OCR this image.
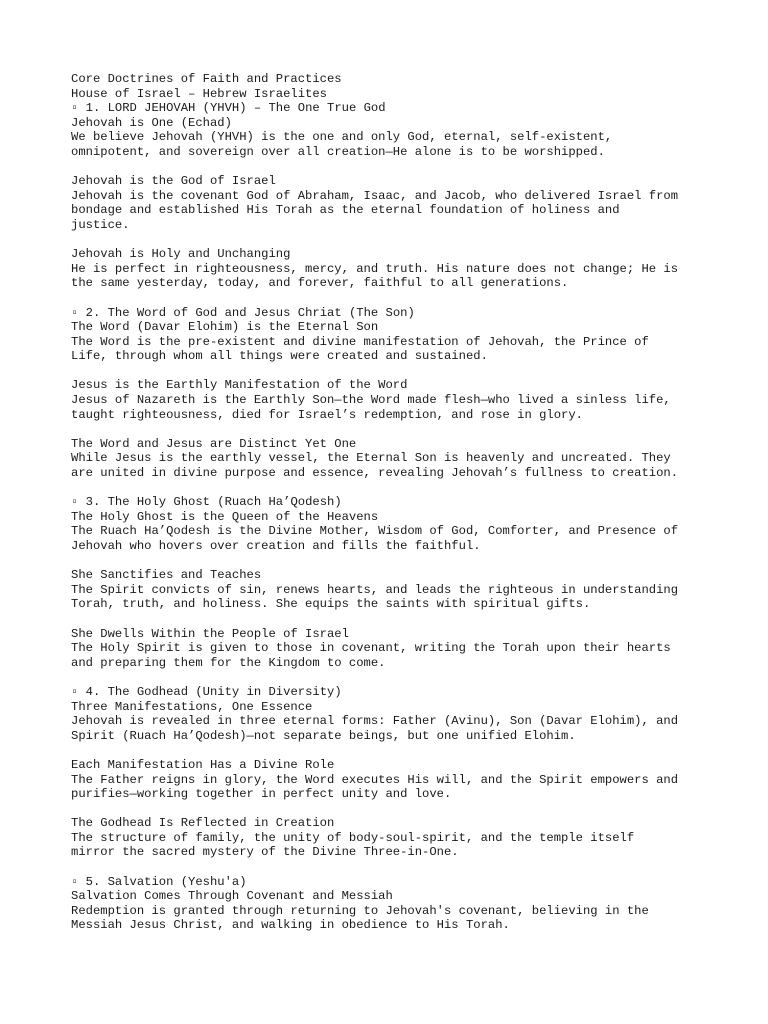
Core Doctrines of Faith and Practices
House of Israel – Hebrew Israelites
▫ 1. LORD JEHOVAH (YHVH) – The One True God
Jehovah is One (Echad)
We believe Jehovah (YHVH) is the one and only God, eternal, self-existent,
omnipotent, and sovereign over all creation—He alone is to be worshipped.
Jehovah is the God of Israel
Jehovah is the covenant God of Abraham, Isaac, and Jacob, who delivered Israel from
bondage and established His Torah as the eternal foundation of holiness and
justice.
Jehovah is Holy and Unchanging
He is perfect in righteousness, mercy, and truth. His nature does not change; He is
the same yesterday, today, and forever, faithful to all generations.
▫ 2. The Word of God and Jesus Chriat (The Son)
The Word (Davar Elohim) is the Eternal Son
The Word is the pre-existent and divine manifestation of Jehovah, the Prince of
Life, through whom all things were created and sustained.
Jesus is the Earthly Manifestation of the Word
Jesus of Nazareth is the Earthly Son—the Word made flesh—who lived a sinless life,
taught righteousness, died for Israel’s redemption, and rose in glory.
The Word and Jesus are Distinct Yet One
While Jesus is the earthly vessel, the Eternal Son is heavenly and uncreated. They
are united in divine purpose and essence, revealing Jehovah’s fullness to creation.
▫ 3. The Holy Ghost (Ruach Ha’Qodesh)
The Holy Ghost is the Queen of the Heavens
The Ruach Ha’Qodesh is the Divine Mother, Wisdom of God, Comforter, and Presence of
Jehovah who hovers over creation and fills the faithful.
She Sanctifies and Teaches
The Spirit convicts of sin, renews hearts, and leads the righteous in understanding
Torah, truth, and holiness. She equips the saints with spiritual gifts.
She Dwells Within the People of Israel
The Holy Spirit is given to those in covenant, writing the Torah upon their hearts
and preparing them for the Kingdom to come.
▫ 4. The Godhead (Unity in Diversity)
Three Manifestations, One Essence
Jehovah is revealed in three eternal forms: Father (Avinu), Son (Davar Elohim), and
Spirit (Ruach Ha’Qodesh)—not separate beings, but one unified Elohim.
Each Manifestation Has a Divine Role
The Father reigns in glory, the Word executes His will, and the Spirit empowers and
purifies—working together in perfect unity and love.
The Godhead Is Reflected in Creation
The structure of family, the unity of body-soul-spirit, and the temple itself
mirror the sacred mystery of the Divine Three-in-One.
▫ 5. Salvation (Yeshu'a)
Salvation Comes Through Covenant and Messiah
Redemption is granted through returning to Jehovah's covenant, believing in the
Messiah Jesus Christ, and walking in obedience to His Torah.
